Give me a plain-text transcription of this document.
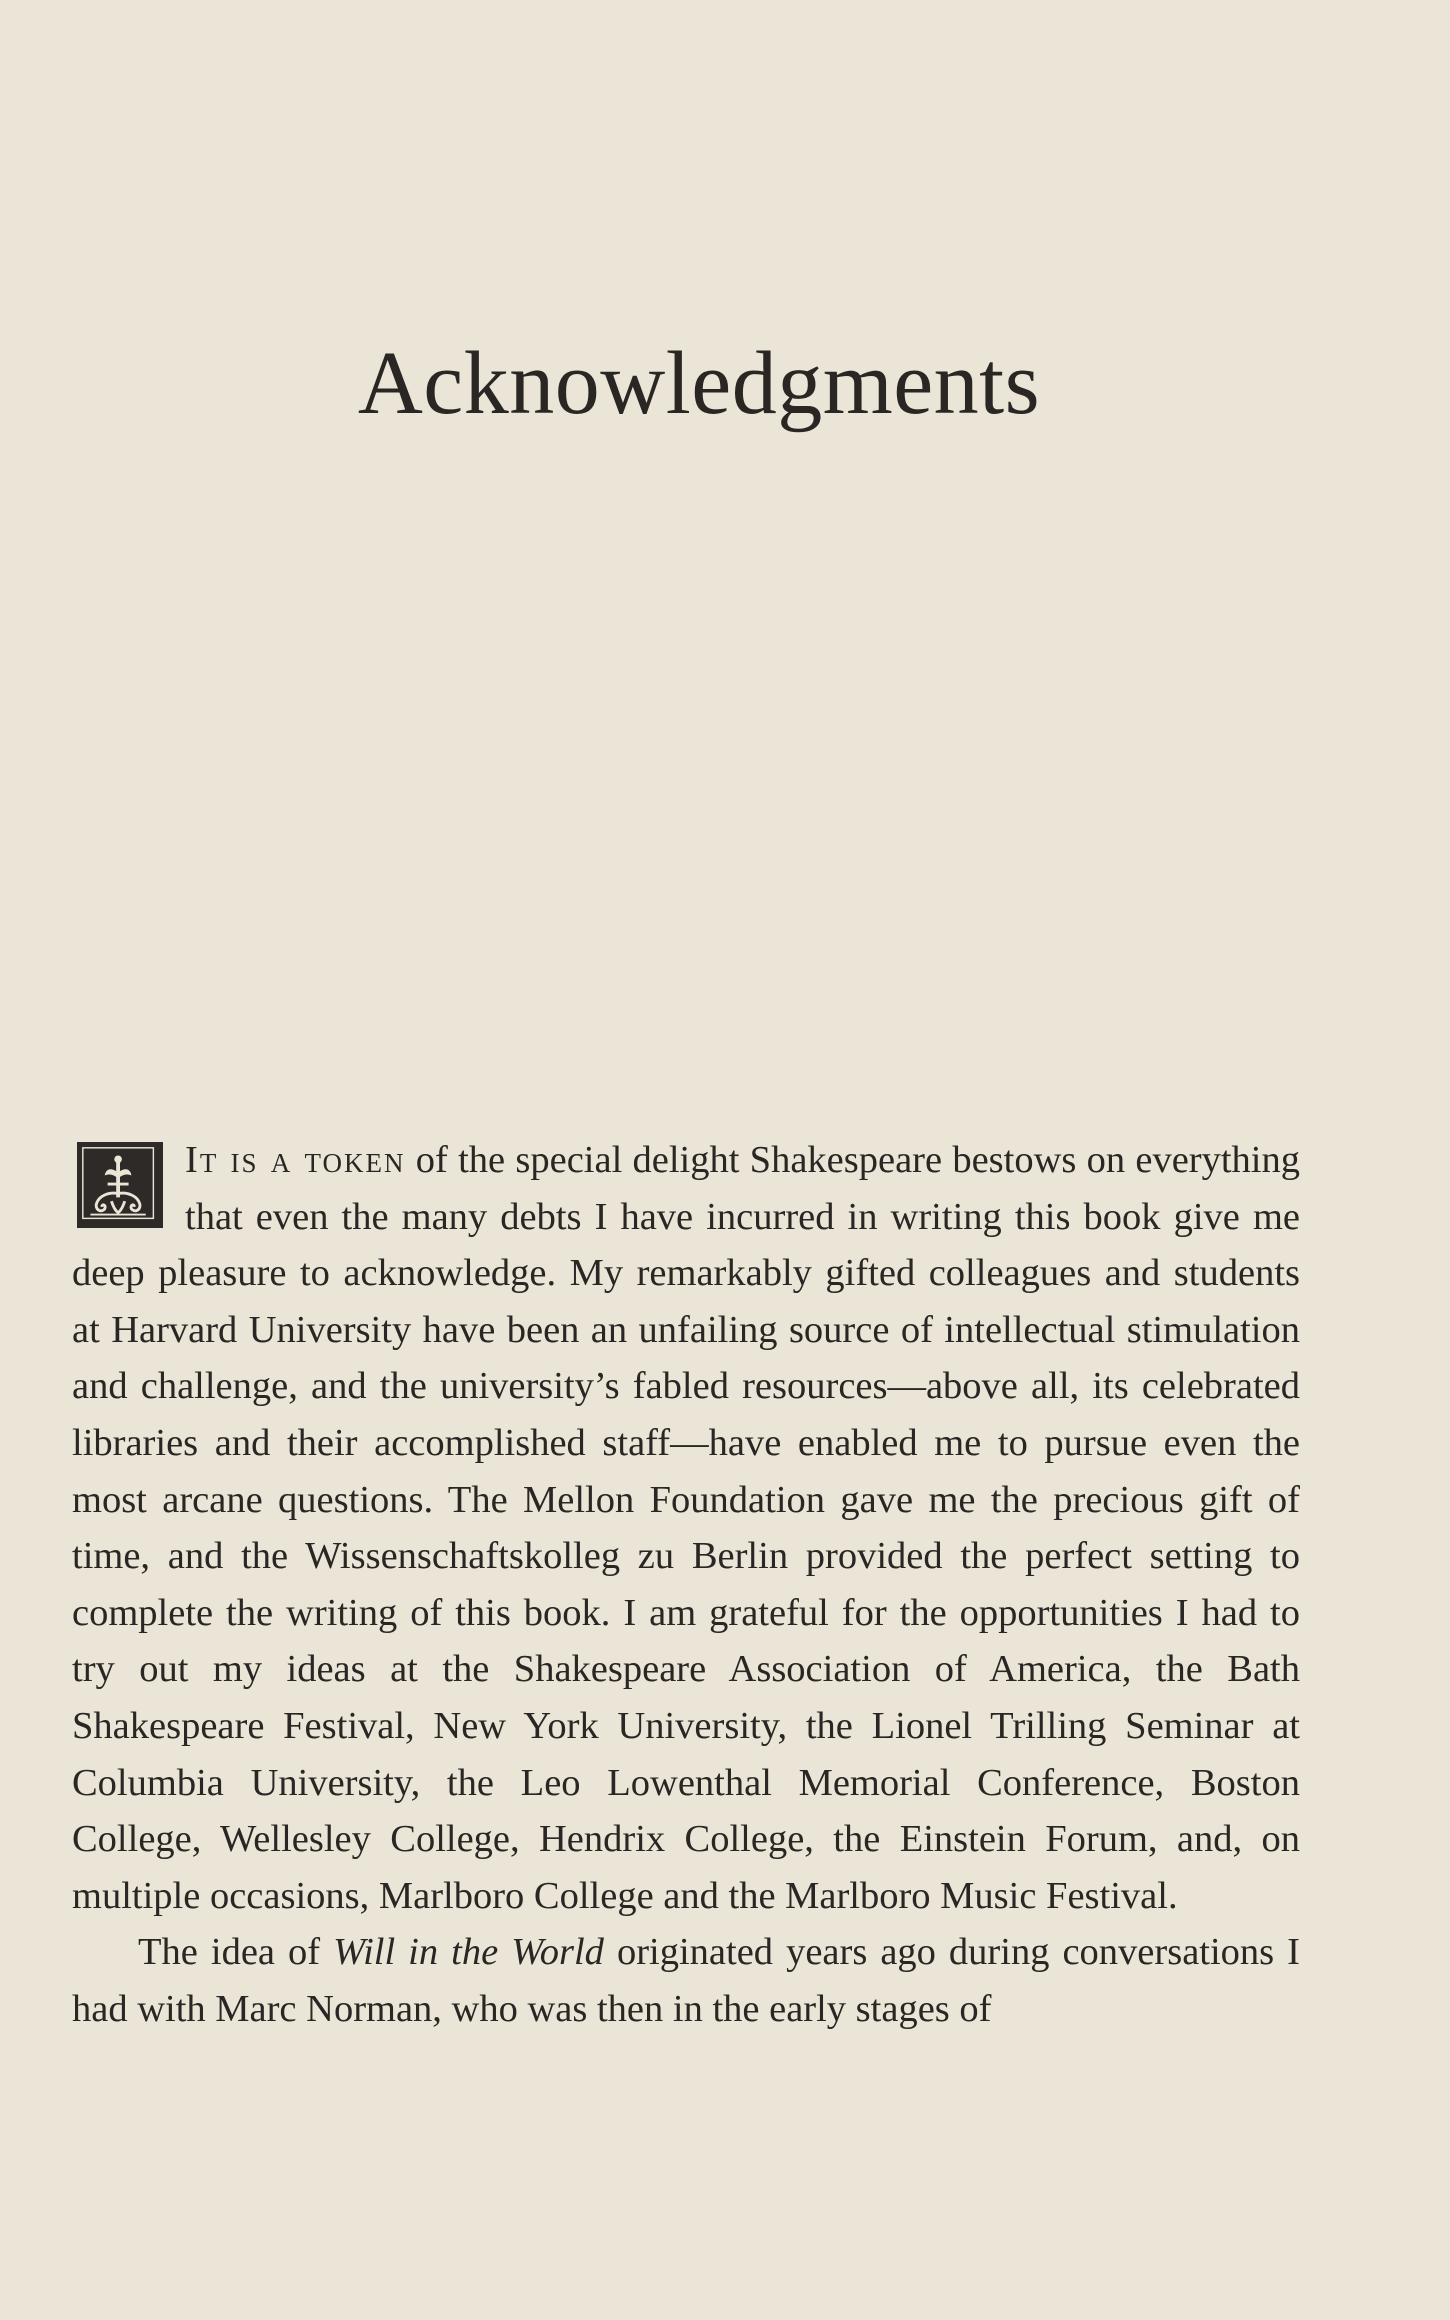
Acknowledgments

It is a token of the special delight Shakespeare bestows on everything that even the many debts I have incurred in writing this book give me deep pleasure to acknowledge. My remarkably gifted colleagues and students at Harvard University have been an unfailing source of intellectual stimulation and challenge, and the university’s fabled resources—above all, its celebrated libraries and their accomplished staff—have enabled me to pursue even the most arcane questions. The Mellon Foundation gave me the precious gift of time, and the Wissenschaftskolleg zu Berlin provided the perfect setting to complete the writing of this book. I am grateful for the opportunities I had to try out my ideas at the Shakespeare Association of America, the Bath Shakespeare Festival, New York University, the Lionel Trilling Seminar at Columbia University, the Leo Lowenthal Memorial Conference, Boston College, Wellesley College, Hendrix College, the Einstein Forum, and, on multiple occasions, Marlboro College and the Marlboro Music Festival.

The idea of Will in the World originated years ago during conversations I had with Marc Norman, who was then in the early stages of
